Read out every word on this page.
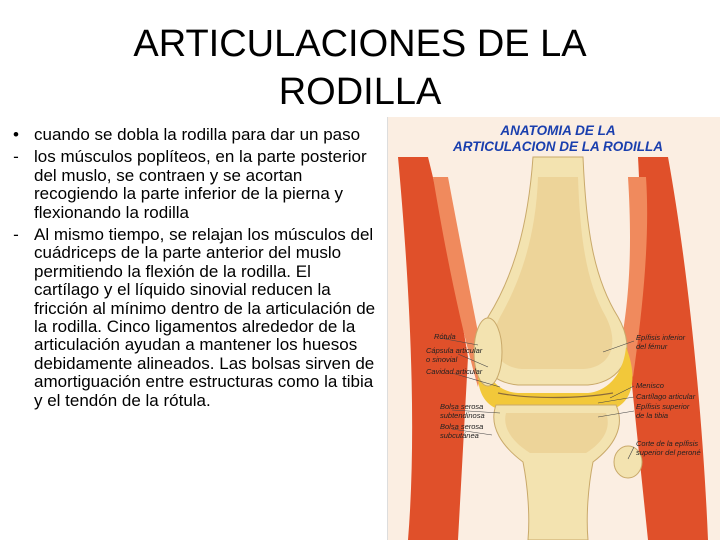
ARTICULACIONES DE LA
RODILLA
• cuando se dobla la rodilla para dar un paso
- los músculos poplíteos, en la parte posterior del muslo, se contraen y se acortan recogiendo la parte inferior de la pierna y flexionando la rodilla
- Al mismo tiempo, se relajan los músculos del cuádriceps de la parte anterior del muslo permitiendo la flexión de la rodilla. El cartílago y el líquido sinovial reducen la fricción al mínimo dentro de la articulación de la rodilla. Cinco ligamentos alrededor de la articulación ayudan a mantener los huesos debidamente alineados. Las bolsas sirven de amortiguación entre estructuras como la tibia y el tendón de la rótula.
ANATOMIA DE LA
ARTICULACION DE LA RODILLA
Rótula
Cápsula articular
o sinovial
Cavidad articular
Bolsa serosa
subtendinosa
Bolsa serosa
subcutánea
Epífisis inferior
del fémur
Menisco
Cartílago articular
Epífisis superior
de la tibia
Corte de la epífisis
superior del peroné
